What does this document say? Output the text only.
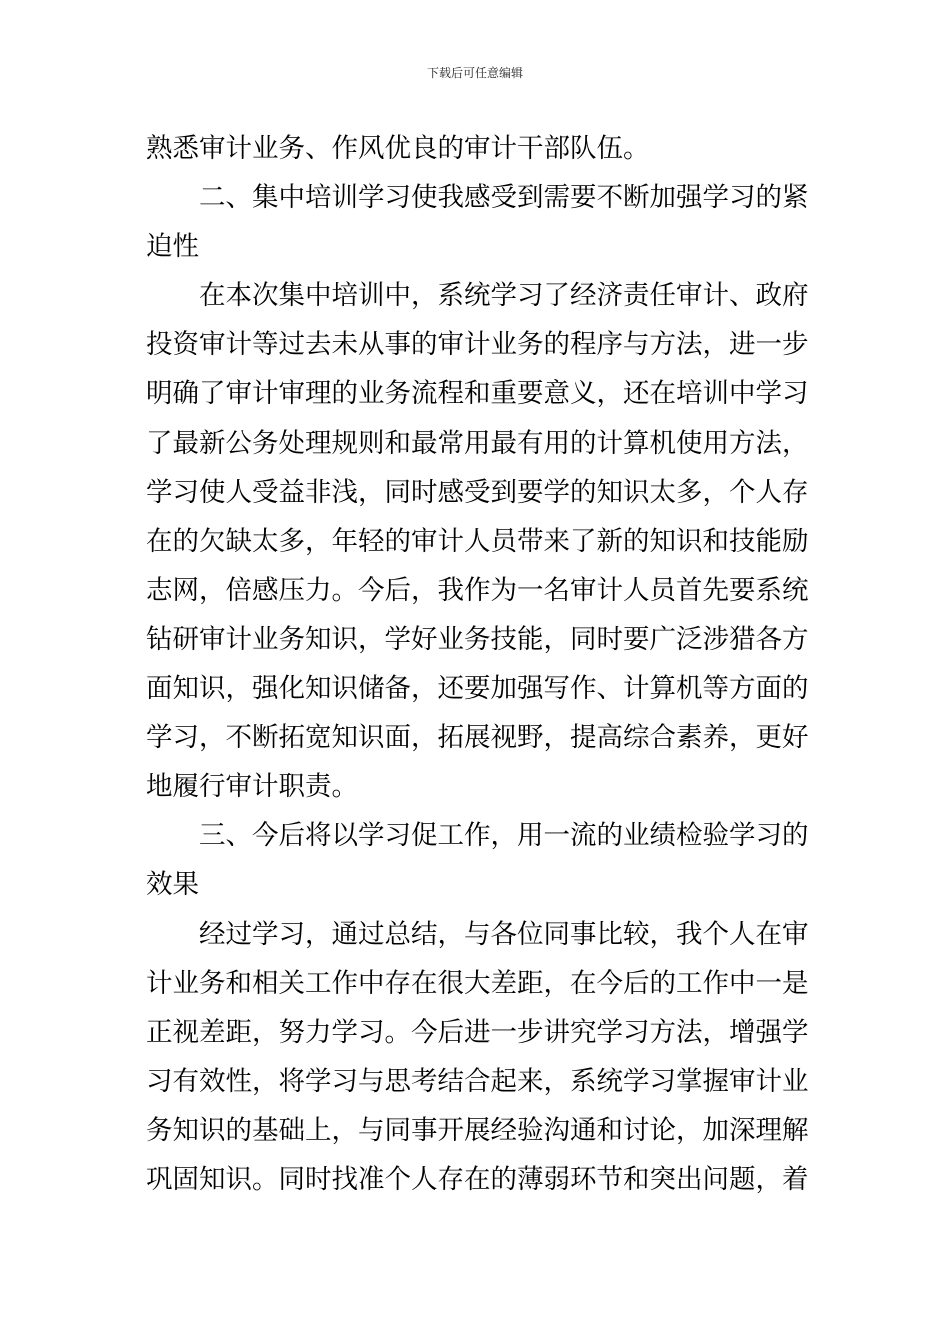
下载后可任意编辑
熟悉审计业务、作风优良的审计干部队伍。
二、集中培训学习使我感受到需要不断加强学习的紧
迫性
在本次集中培训中，系统学习了经济责任审计、政府
投资审计等过去未从事的审计业务的程序与方法，进一步
明确了审计审理的业务流程和重要意义，还在培训中学习
了最新公务处理规则和最常用最有用的计算机使用方法，
学习使人受益非浅，同时感受到要学的知识太多，个人存
在的欠缺太多，年轻的审计人员带来了新的知识和技能励
志网，倍感压力。今后，我作为一名审计人员首先要系统
钻研审计业务知识，学好业务技能，同时要广泛涉猎各方
面知识，强化知识储备，还要加强写作、计算机等方面的
学习，不断拓宽知识面，拓展视野，提高综合素养，更好
地履行审计职责。
三、今后将以学习促工作，用一流的业绩检验学习的
效果
经过学习，通过总结，与各位同事比较，我个人在审
计业务和相关工作中存在很大差距，在今后的工作中一是
正视差距，努力学习。今后进一步讲究学习方法，增强学
习有效性，将学习与思考结合起来，系统学习掌握审计业
务知识的基础上，与同事开展经验沟通和讨论，加深理解
巩固知识。同时找准个人存在的薄弱环节和突出问题，着
